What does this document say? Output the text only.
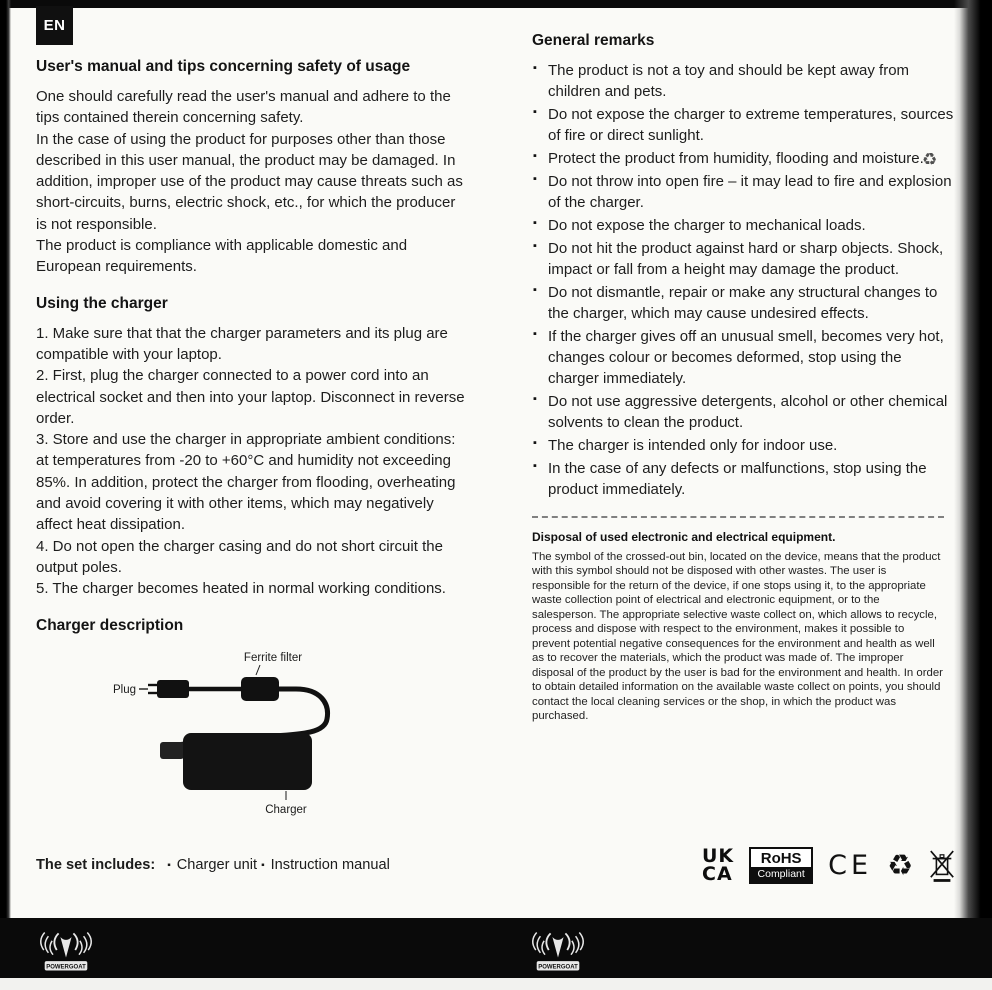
EN
♻
User's manual and tips concerning safety of usage

One should carefully read the user's manual and adhere to the tips contained therein concerning safety.

In the case of using the product for purposes other than those described in this user manual, the product may be damaged. In addition, improper use of the product may cause threats such as short-circuits, burns, electric shock, etc., for which the producer is not responsible.

The product is compliance with applicable domestic and European requirements.

Using the charger

1. Make sure that that the charger parameters and its plug are compatible with your laptop.

2. First, plug the charger connected to a power cord into an electrical socket and then into your laptop. Disconnect in reverse order.

3. Store and use the charger in appropriate ambient conditions: at temperatures from -20 to +60°C and humidity not exceeding 85%. In addition, protect the charger from flooding, overheating and avoid covering it with other items, which may negatively affect heat dissipation.

4. Do not open the charger casing and do not short circuit the output poles.

5. The charger becomes heated in normal working conditions.

Charger description
Ferrite filter
Plug
Charger
The set includes: ▪ Charger unit ▪ Instruction manual
General remarks
▪ The product is not a toy and should be kept away from children and pets.
▪ Do not expose the charger to extreme temperatures, sources of fire or direct sunlight.
▪ Protect the product from humidity, flooding and moisture.
▪ Do not throw into open fire – it may lead to fire and explosion of the charger.
▪ Do not expose the charger to mechanical loads.
▪ Do not hit the product against hard or sharp objects. Shock, impact or fall from a height may damage the product.
▪ Do not dismantle, repair or make any structural changes to the charger, which may cause undesired effects.
▪ If the charger gives off an unusual smell, becomes very hot, changes colour or becomes deformed, stop using the charger immediately.
▪ Do not use aggressive detergents, alcohol or other chemical solvents to clean the product.
▪ The charger is intended only for indoor use.
▪ In the case of any defects or malfunctions, stop using the product immediately.
Disposal of used electronic and electrical equipment.

The symbol of the crossed-out bin, located on the device, means that the product with this symbol should not be disposed with other wastes. The user is responsible for the return of the device, if one stops using it, to the appropriate waste collection point of electrical and electronic equipment, or to the salesperson. The appropriate selective waste collect on, which allows to recycle, process and dispose with respect to the environment, makes it possible to prevent potential negative consequences for the environment and health as well as to recover the materials, which the product was made of. The improper disposal of the product by the user is bad for the environment and health. In order to obtain detailed information on the available waste collect on points, you should contact the local cleaning services or the shop, in which the product was purchased.

UK
CA
RoHS
Compliant CE ♻
POWERGOAT	POWERGOAT
